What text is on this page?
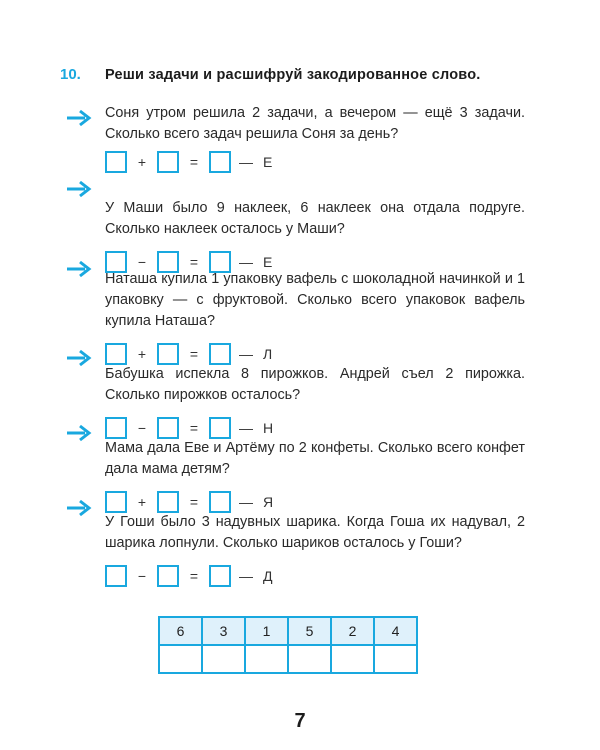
10.	Реши задачи и расшифруй закодированное слово.

Соня утром решила 2 задачи, а вечером — ещё 3 задачи. Сколько всего задач решила Соня за день?

+	=	— Е

У Маши было 9 наклеек, 6 наклеек она отдала подруге. Сколько наклеек осталось у Маши?

−	=	— Е

Наташа купила 1 упаковку вафель с шоколадной начинкой и 1 упаковку — с фруктовой. Сколько всего упаковок вафель купила Наташа?

+	=	— Л

Бабушка испекла 8 пирожков. Андрей съел 2 пирожка. Сколько пирожков осталось?

−	=	— Н

Мама дала Еве и Артёму по 2 конфеты. Сколько всего конфет дала мама детям?

+	=	— Я

У Гоши было 3 надувных шарика. Когда Гоша их надувал, 2 шарика лопнули. Сколько шариков осталось у Гоши?

−	=	— Д
6	3	1	5	2	4

7
